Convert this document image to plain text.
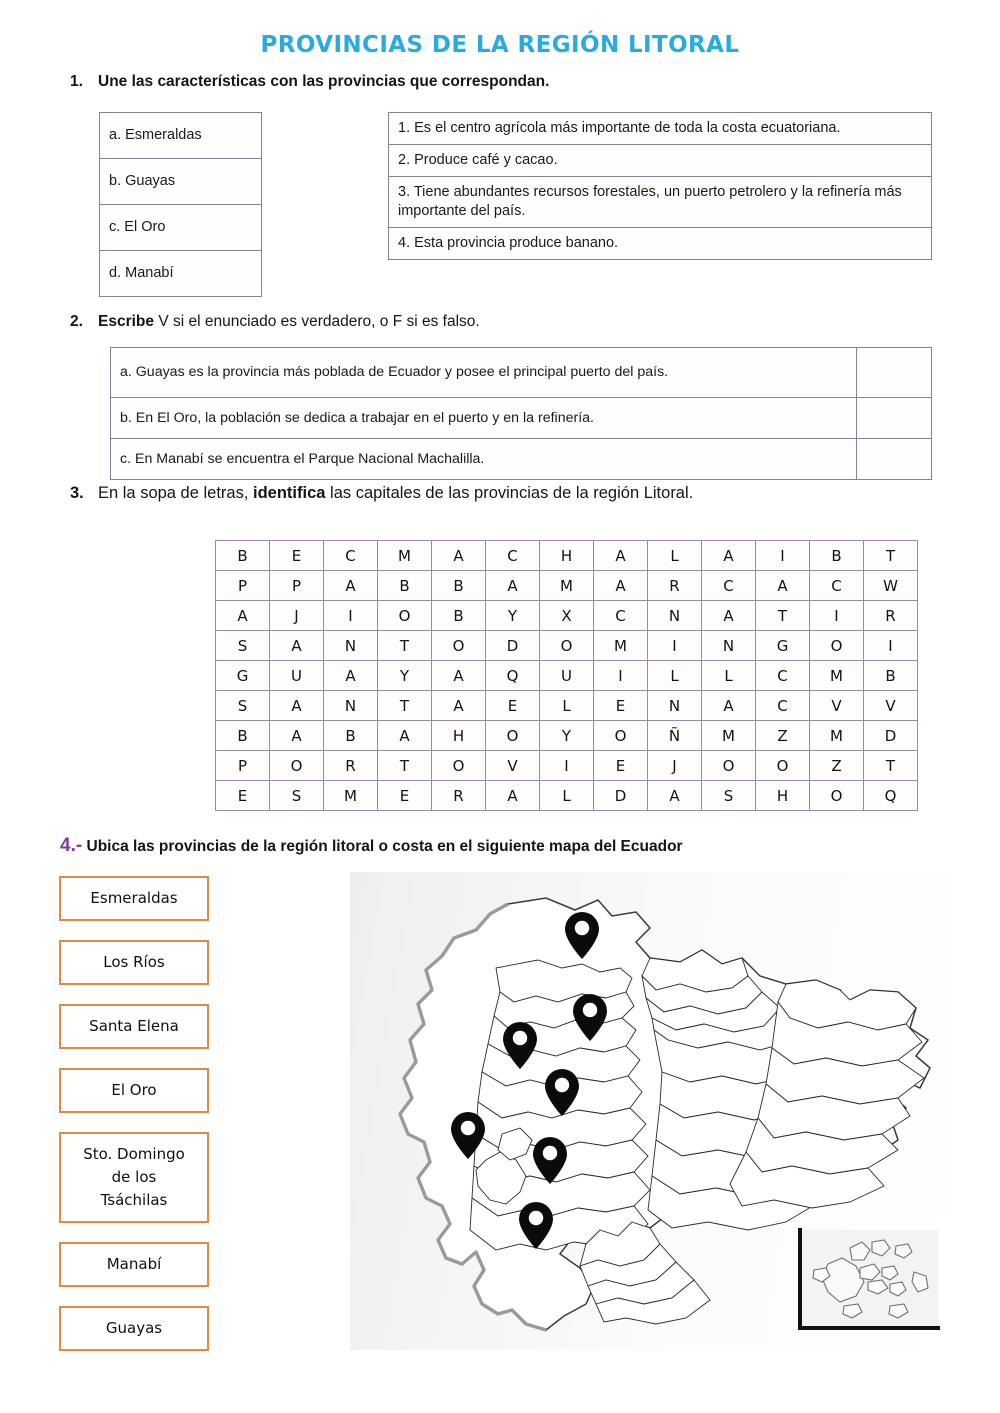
PROVINCIAS DE LA REGIÓN LITORAL
1. Une las características con las provincias que correspondan.
a. Esmeraldas
b. Guayas
c. El Oro
d. Manabí
1. Es el centro agrícola más importante de toda la costa ecuatoriana.
2. Produce café y cacao.
3. Tiene abundantes recursos forestales, un puerto petrolero y la refinería más importante del país.
4. Esta provincia produce banano.
2. Escribe V si el enunciado es verdadero, o F si es falso.
a. Guayas es la provincia más poblada de Ecuador y posee el principal puerto del país.	
b. En El Oro, la población se dedica a trabajar en el puerto y en la refinería.	
c. En Manabí se encuentra el Parque Nacional Machalilla.	
3. En la sopa de letras, identifica las capitales de las provincias de la región Litoral.
B	E	C	M	A	C	H	A	L	A	I	B	T
P	P	A	B	B	A	M	A	R	C	A	C	W
A	J	I	O	B	Y	X	C	N	A	T	I	R
S	A	N	T	O	D	O	M	I	N	G	O	I
G	U	A	Y	A	Q	U	I	L	L	C	M	B
S	A	N	T	A	E	L	E	N	A	C	V	V
B	A	B	A	H	O	Y	O	Ñ	M	Z	M	D
P	O	R	T	O	V	I	E	J	O	O	Z	T
E	S	M	E	R	A	L	D	A	S	H	O	Q
4.- Ubica las provincias de la región litoral o costa en el siguiente mapa del Ecuador
Esmeraldas
Los Ríos
Santa Elena
El Oro
Sto. Domingo
de los
Tsáchilas
Manabí
Guayas
